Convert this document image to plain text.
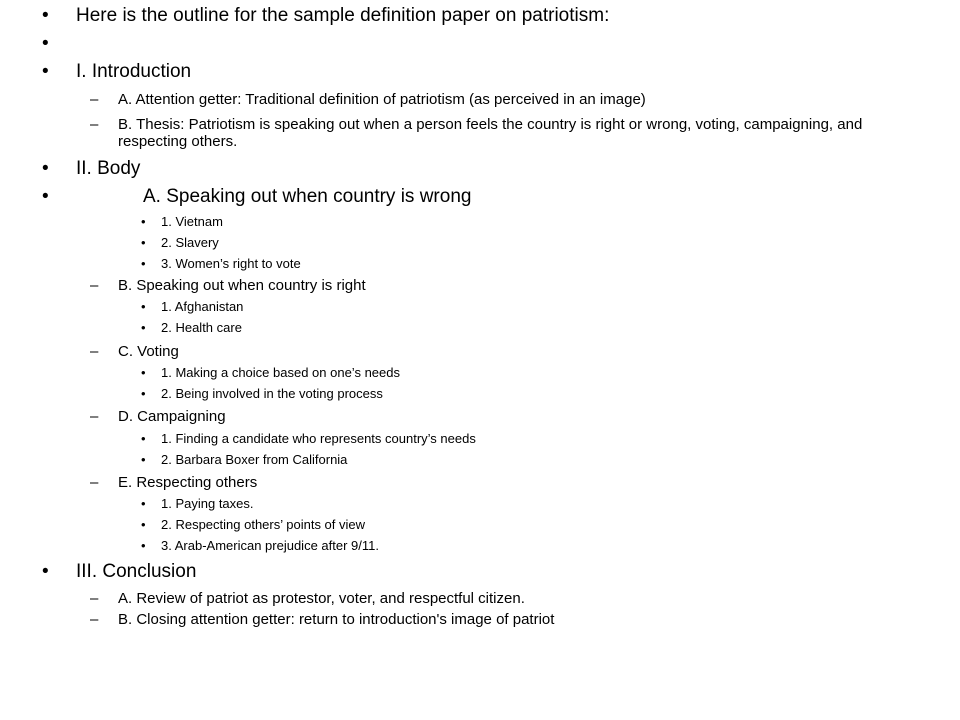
• Here is the outline for the sample definition paper on patriotism:
•
• I. Introduction
– A. Attention getter: Traditional definition of patriotism (as perceived in an image)
– B. Thesis: Patriotism is speaking out when a person feels the country is right or wrong, voting, campaigning, and respecting others.
• II. Body
•	A. Speaking out when country is wrong
• 1. Vietnam
• 2. Slavery
• 3. Women’s right to vote
– B. Speaking out when country is right
• 1. Afghanistan
• 2. Health care
– C. Voting
• 1. Making a choice based on one’s needs
• 2. Being involved in the voting process
– D. Campaigning
• 1. Finding a candidate who represents country’s needs
• 2. Barbara Boxer from California
– E. Respecting others
• 1. Paying taxes.
• 2. Respecting others’ points of view
• 3. Arab-American prejudice after 9/11.
• III. Conclusion
– A. Review of patriot as protestor, voter, and respectful citizen.
– B. Closing attention getter: return to introduction's image of patriot
